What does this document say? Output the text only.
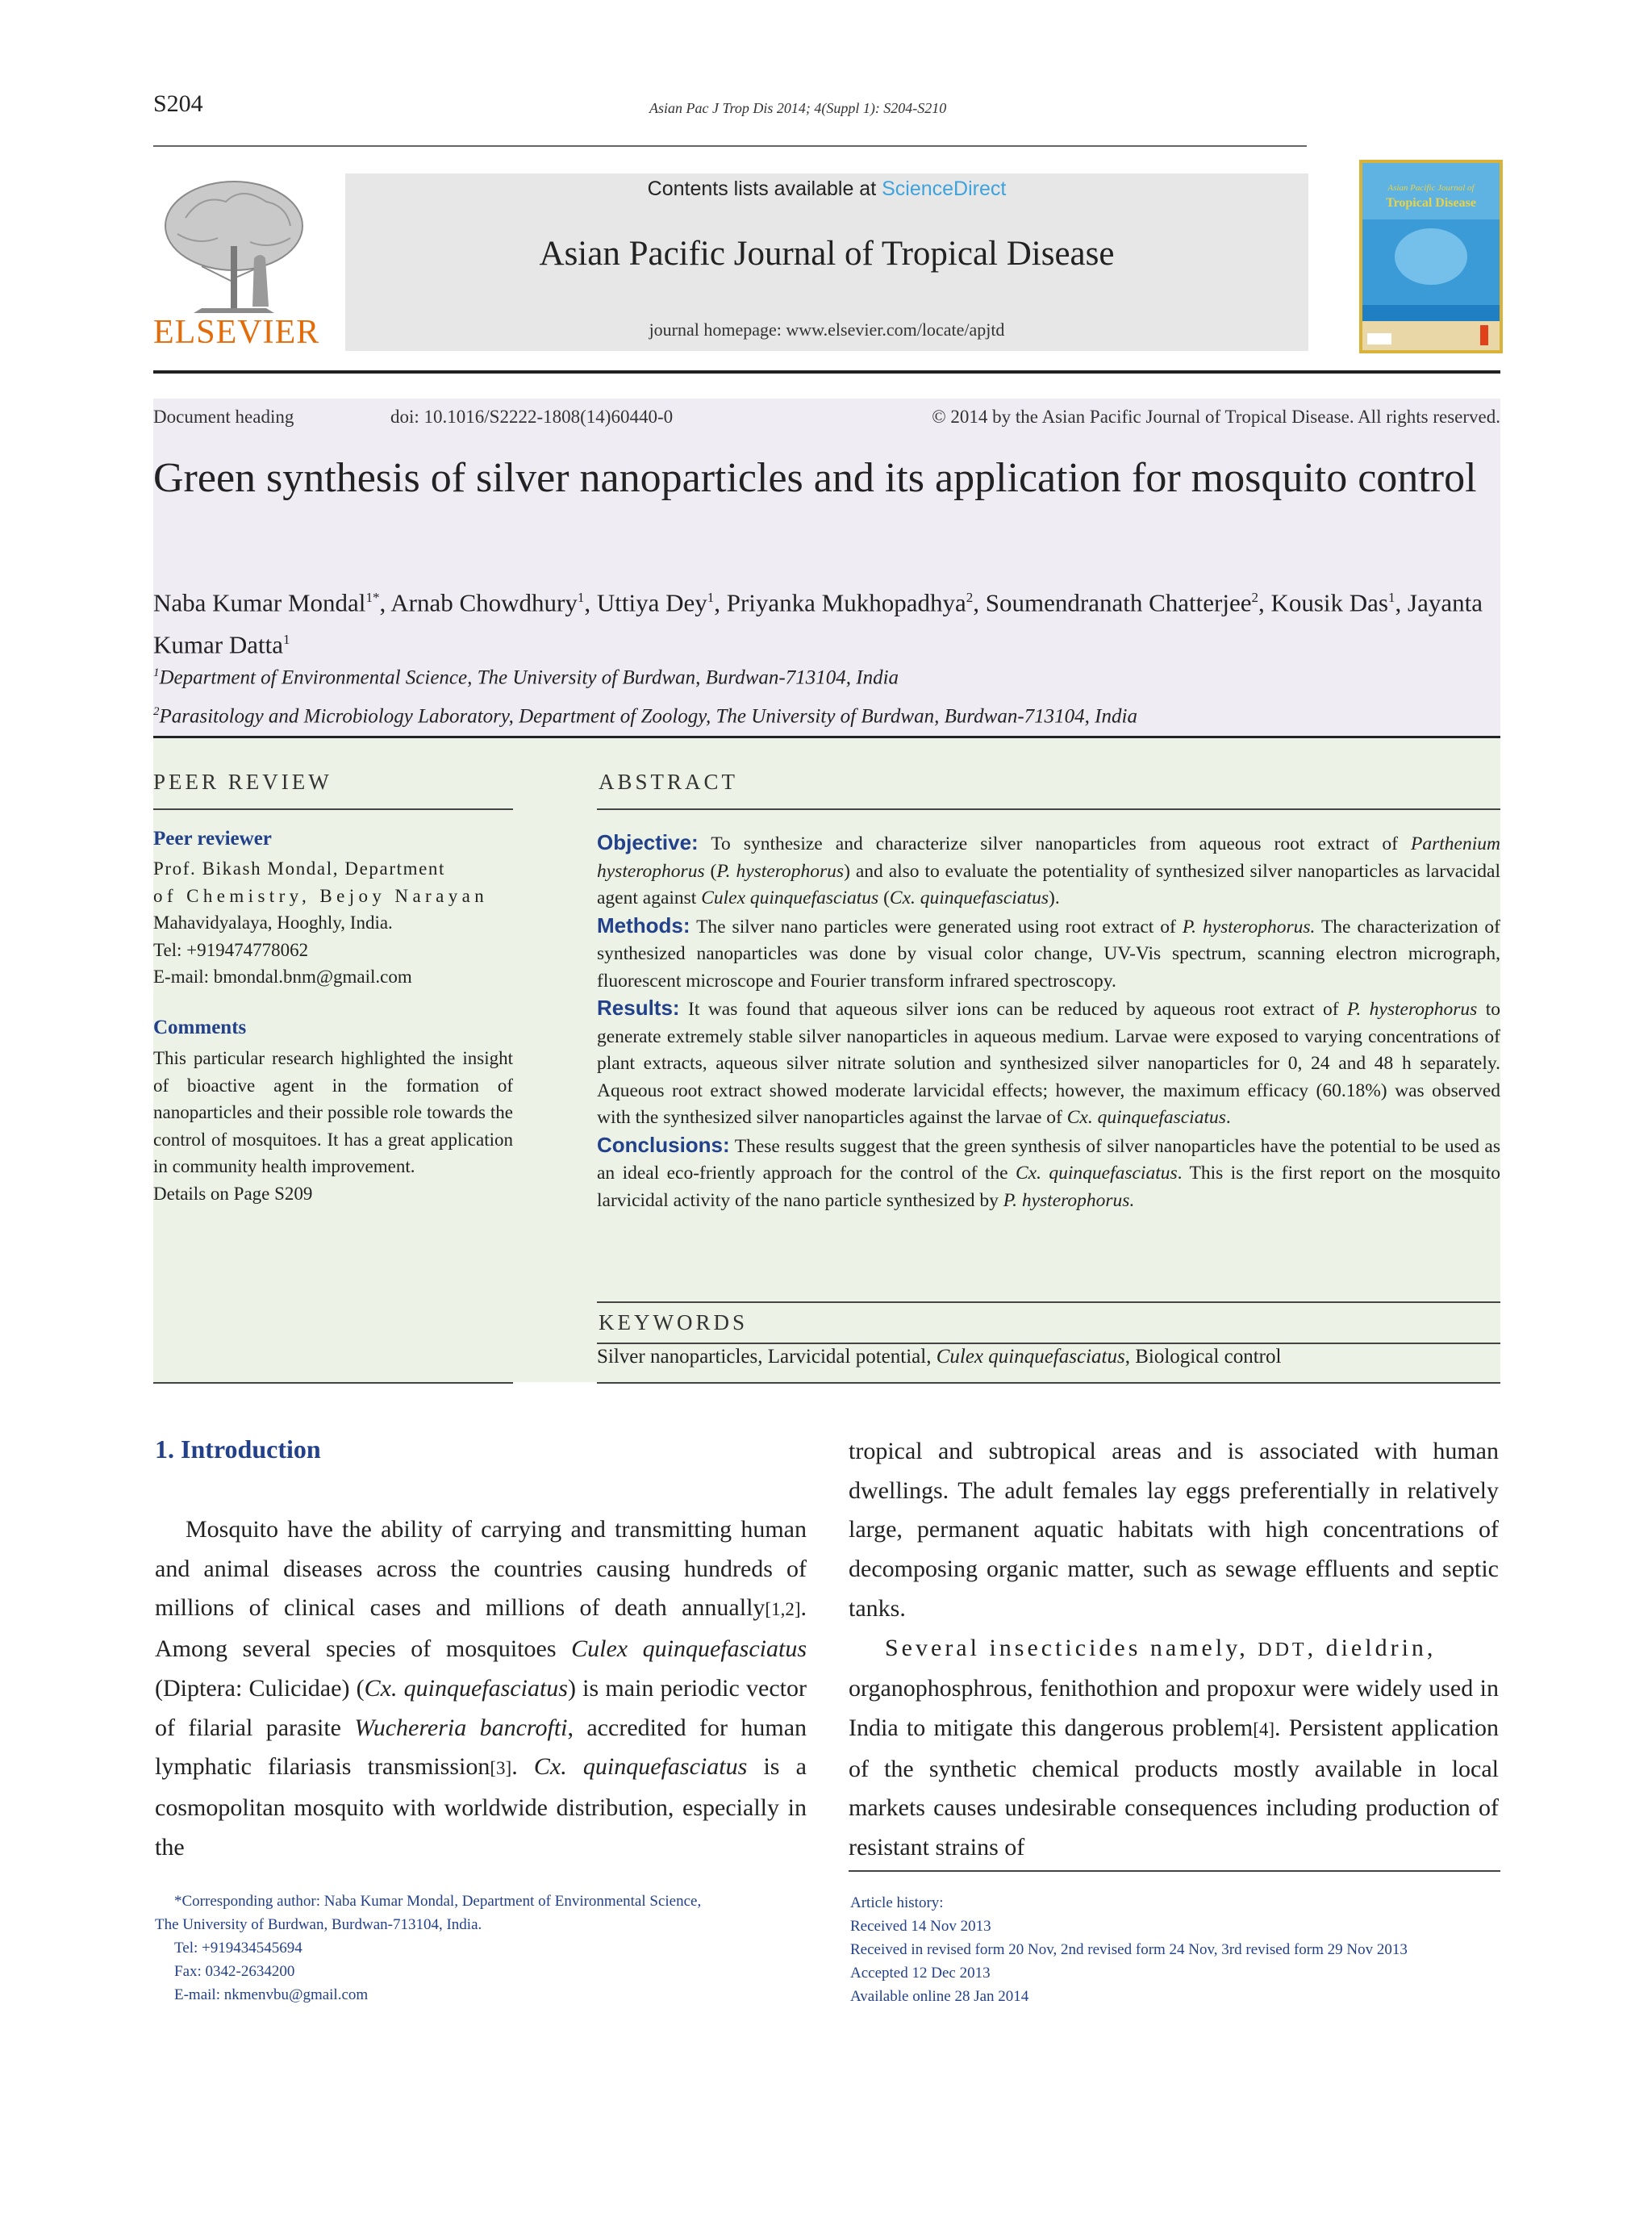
S204	Asian Pac J Trop Dis 2014; 4(Suppl 1): S204-S210
ELSEVIER
Contents lists available at ScienceDirect
Asian Pacific Journal of Tropical Disease
journal homepage: www.elsevier.com/locate/apjtd
Asian Pacific Journal of
Tropical Disease
Document heading	doi: 10.1016/S2222-1808(14)60440-0	© 2014 by the Asian Pacific Journal of Tropical Disease. All rights reserved.
Green synthesis of silver nanoparticles and its application for mosquito control
Naba Kumar Mondal$^{1*}$, Arnab Chowdhury$^1$, Uttiya Dey$^1$, Priyanka Mukhopadhya$^2$, Soumendranath Chatterjee$^2$, Kousik Das$^1$, Jayanta Kumar Datta$^1$
$^1$Department of Environmental Science, The University of Burdwan, Burdwan-713104, India
$^2$Parasitology and Microbiology Laboratory, Department of Zoology, The University of Burdwan, Burdwan-713104, India
PEER REVIEW	ABSTRACT
Peer reviewer
Prof. Bikash Mondal, Department
of Chemistry, Bejoy Narayan
Mahavidyalaya, Hooghly, India.
Tel: +919474778062
E-mail: bmondal.bnm@gmail.com
Comments
This particular research highlighted the insight of bioactive agent in the formation of nanoparticles and their possible role towards the control of mosquitoes. It has a great application in community health improvement.
Details on Page S209

Objective: To synthesize and characterize silver nanoparticles from aqueous root extract of Parthenium hysterophorus (P. hysterophorus) and also to evaluate the potentiality of synthesized silver nanoparticles as larvacidal agent against Culex quinquefasciatus (Cx. quinquefasciatus).

Methods: The silver nano particles were generated using root extract of P. hysterophorus. The characterization of synthesized nanoparticles was done by visual color change, UV-Vis spectrum, scanning electron micrograph, fluorescent microscope and Fourier transform infrared spectroscopy.

Results: It was found that aqueous silver ions can be reduced by aqueous root extract of P. hysterophorus to generate extremely stable silver nanoparticles in aqueous medium. Larvae were exposed to varying concentrations of plant extracts, aqueous silver nitrate solution and synthesized silver nanoparticles for 0, 24 and 48 h separately. Aqueous root extract showed moderate larvicidal effects; however, the maximum efficacy (60.18%) was observed with the synthesized silver nanoparticles against the larvae of Cx. quinquefasciatus.

Conclusions: These results suggest that the green synthesis of silver nanoparticles have the potential to be used as an ideal eco-friently approach for the control of the Cx. quinquefasciatus. This is the first report on the mosquito larvicidal activity of the nano particle synthesized by P. hysterophorus.

KEYWORDS
Silver nanoparticles, Larvicidal potential, Culex quinquefasciatus, Biological control
1. Introduction

Mosquito have the ability of carrying and transmitting human and animal diseases across the countries causing hundreds of millions of clinical cases and millions of death annually[1,2]. Among several species of mosquitoes Culex quinquefasciatus (Diptera: Culicidae) (Cx. quinquefasciatus) is main periodic vector of filarial parasite Wuchereria bancrofti, accredited for human lymphatic filariasis transmission[3]. Cx. quinquefasciatus is a cosmopolitan mosquito with worldwide distribution, especially in the

tropical and subtropical areas and is associated with human dwellings. The adult females lay eggs preferentially in relatively large, permanent aquatic habitats with high concentrations of decomposing organic matter, such as sewage effluents and septic tanks.

Several insecticides namely, DDT, dieldrin,

organophosphrous, fenithothion and propoxur were widely used in India to mitigate this dangerous problem[4]. Persistent application of the synthetic chemical products mostly available in local markets causes undesirable consequences including production of resistant strains of

*Corresponding author: Naba Kumar Mondal, Department of Environmental Science,
The University of Burdwan, Burdwan-713104, India.
Tel: +919434545694
Fax: 0342-2634200
E-mail: nkmenvbu@gmail.com
Article history:
Received 14 Nov 2013
Received in revised form 20 Nov, 2nd revised form 24 Nov, 3rd revised form 29 Nov 2013
Accepted 12 Dec 2013
Available online 28 Jan 2014
